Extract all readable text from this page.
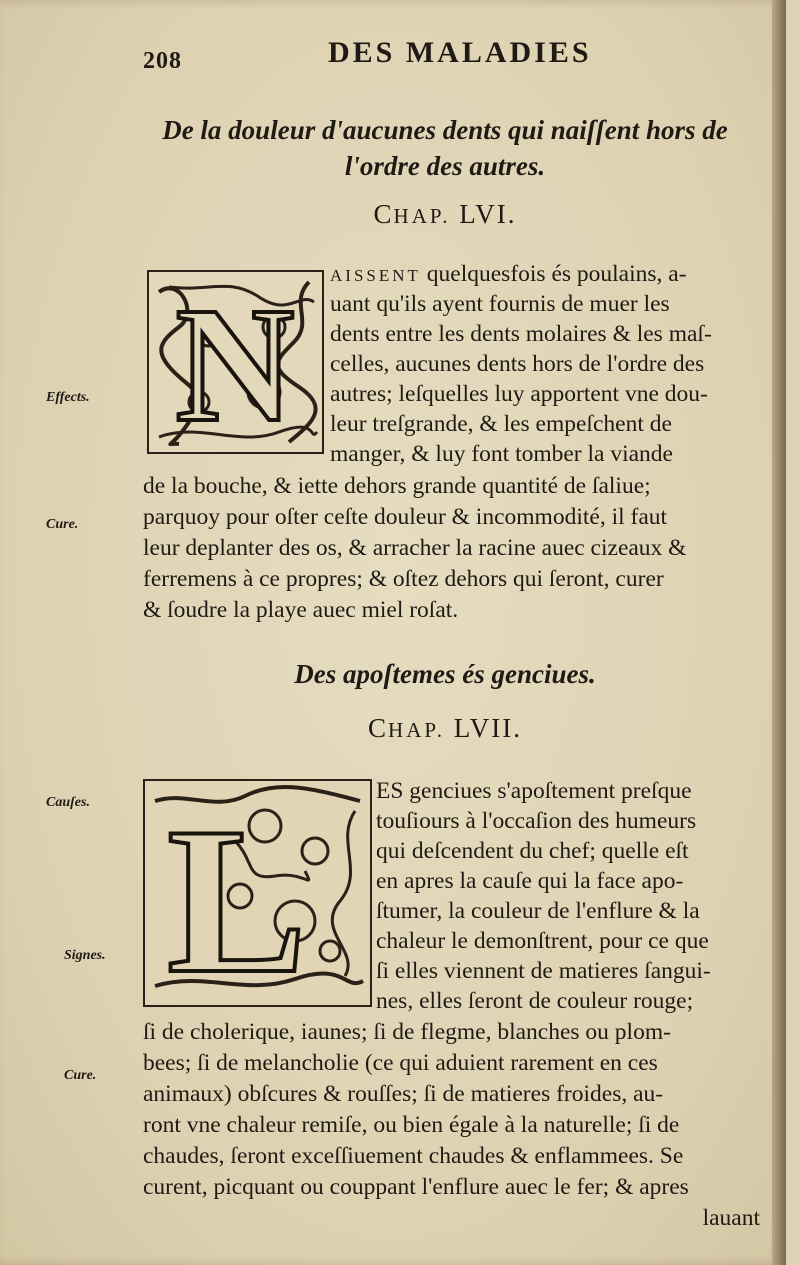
208	DES MALADIES
De la douleur d'aucunes dents qui naiſſent hors de
l'ordre des autres.
CHAP. LVI.
N
Effects.
Cure.
AISSENT quelquesfois és poulains, a-
uant qu'ils ayent fournis de muer les
dents entre les dents molaires & les maſ-
celles, aucunes dents hors de l'ordre des
autres; leſquelles luy apportent vne dou-
leur treſgrande, & les empeſchent de
manger, & luy font tomber la viande
de la bouche, & iette dehors grande quantité de ſaliue;
parquoy pour oſter ceſte douleur & incommodité, il faut
leur deplanter des os, & arracher la racine auec cizeaux &
ferremens à ce propres; & oſtez dehors qui ſeront, curer
& ſoudre la playe auec miel roſat.
Des apoſtemes és genciues.
CHAP. LVII.
L
Cauſes.
Signes.
Cure.
ES genciues s'apoſtement preſque
touſiours à l'occaſion des humeurs
qui deſcendent du chef; quelle eſt
en apres la cauſe qui la face apo-
ſtumer, la couleur de l'enflure & la
chaleur le demonſtrent, pour ce que
ſi elles viennent de matieres ſangui-
nes, elles ſeront de couleur rouge;
ſi de cholerique, iaunes; ſi de flegme, blanches ou plom-
bees; ſi de melancholie (ce qui aduient rarement en ces
animaux) obſcures & rouſſes; ſi de matieres froides, au-
ront vne chaleur remiſe, ou bien égale à la naturelle; ſi de
chaudes, ſeront exceſſiuement chaudes & enflammees. Se
curent, picquant ou couppant l'enflure auec le fer; & apres
lauant
